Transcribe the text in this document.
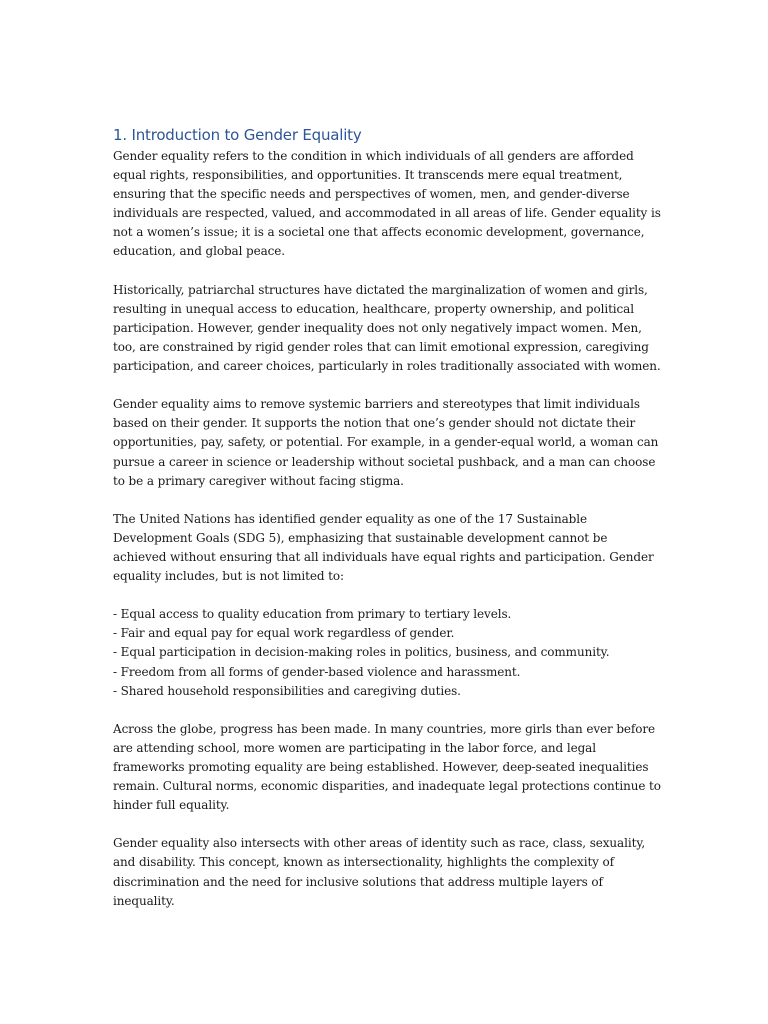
1. Introduction to Gender Equality

Gender equality refers to the condition in which individuals of all genders are afforded equal rights, responsibilities, and opportunities. It transcends mere equal treatment, ensuring that the specific needs and perspectives of women, men, and gender-diverse individuals are respected, valued, and accommodated in all areas of life. Gender equality is not a women’s issue; it is a societal one that affects economic development, governance, education, and global peace.

Historically, patriarchal structures have dictated the marginalization of women and girls, resulting in unequal access to education, healthcare, property ownership, and political participation. However, gender inequality does not only negatively impact women. Men, too, are constrained by rigid gender roles that can limit emotional expression, caregiving participation, and career choices, particularly in roles traditionally associated with women.

Gender equality aims to remove systemic barriers and stereotypes that limit individuals based on their gender. It supports the notion that one’s gender should not dictate their opportunities, pay, safety, or potential. For example, in a gender-equal world, a woman can pursue a career in science or leadership without societal pushback, and a man can choose to be a primary caregiver without facing stigma.

The United Nations has identified gender equality as one of the 17 Sustainable Development Goals (SDG 5), emphasizing that sustainable development cannot be achieved without ensuring that all individuals have equal rights and participation. Gender equality includes, but is not limited to:

- Equal access to quality education from primary to tertiary levels.
- Fair and equal pay for equal work regardless of gender.
- Equal participation in decision-making roles in politics, business, and community.
- Freedom from all forms of gender-based violence and harassment.
- Shared household responsibilities and caregiving duties.

Across the globe, progress has been made. In many countries, more girls than ever before are attending school, more women are participating in the labor force, and legal frameworks promoting equality are being established. However, deep-seated inequalities remain. Cultural norms, economic disparities, and inadequate legal protections continue to hinder full equality.

Gender equality also intersects with other areas of identity such as race, class, sexuality, and disability. This concept, known as intersectionality, highlights the complexity of discrimination and the need for inclusive solutions that address multiple layers of inequality.
